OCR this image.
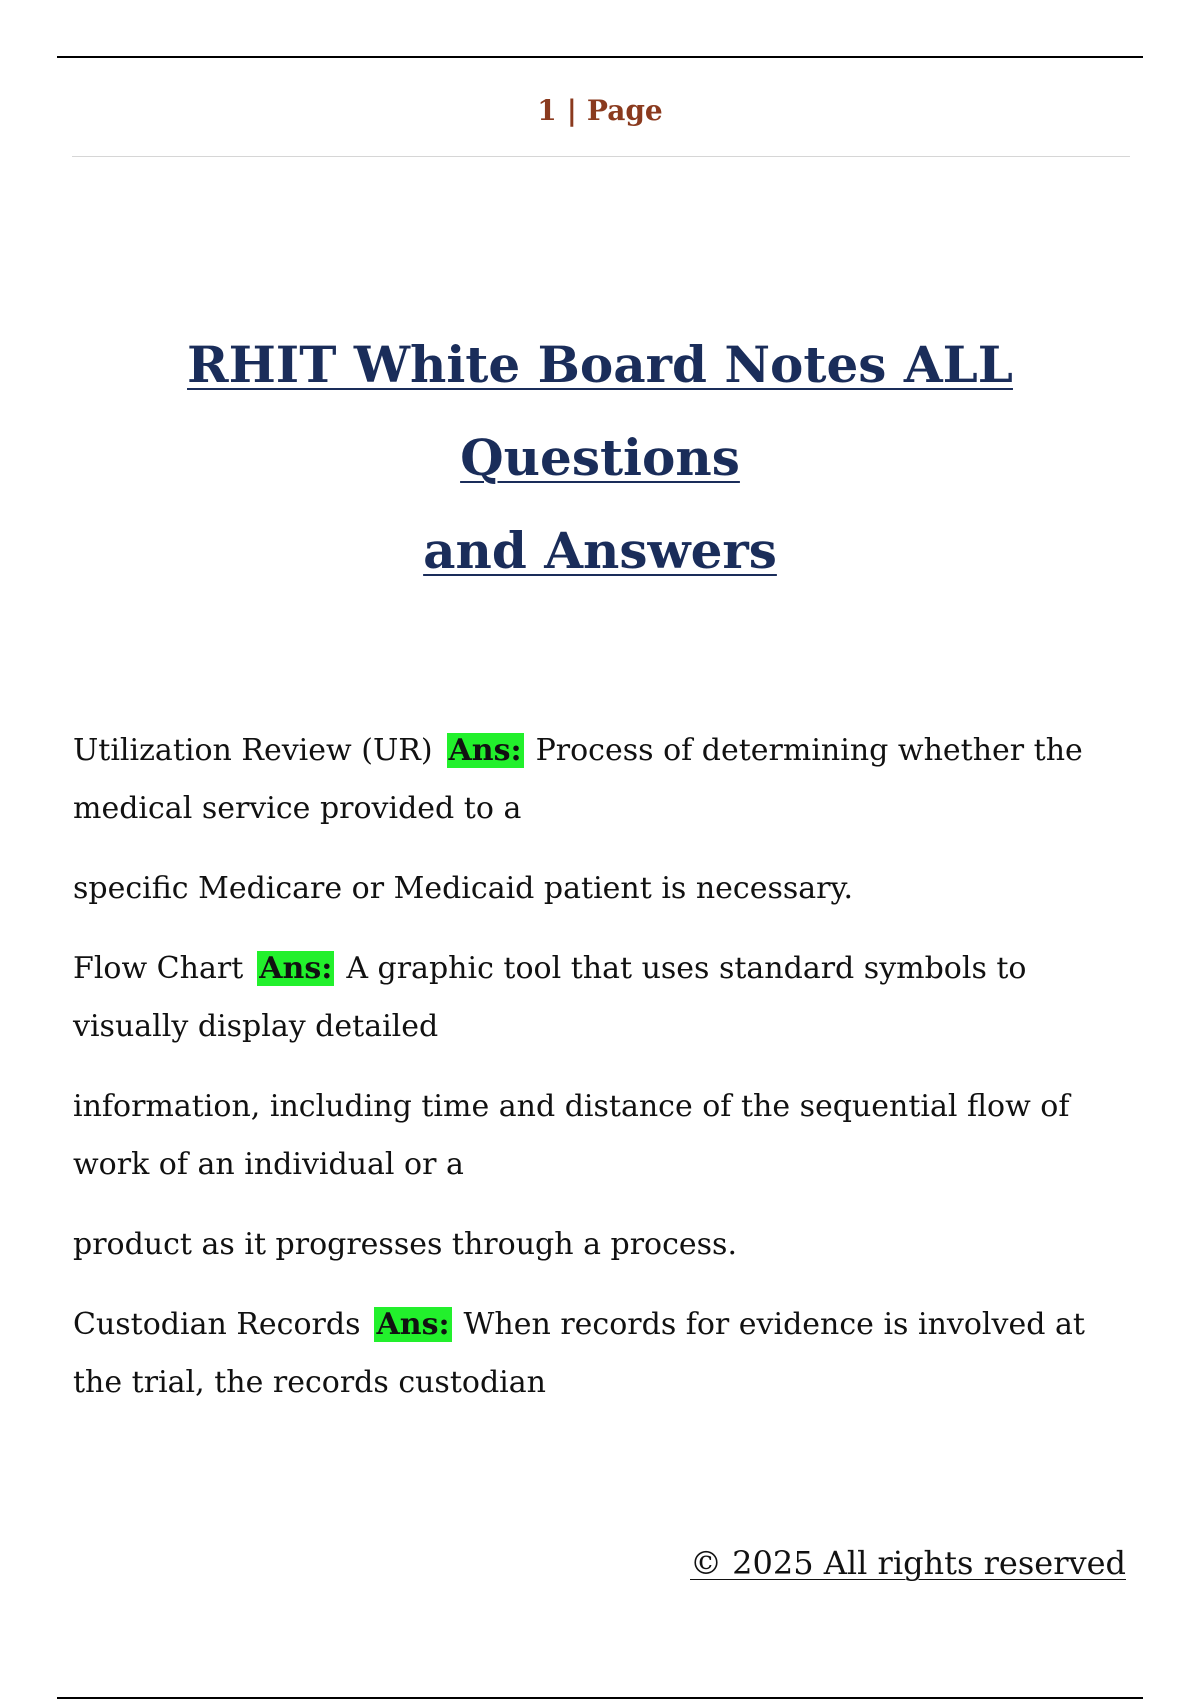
1 | Page
RHIT White Board Notes ALL Questions
and Answers

Utilization Review (UR) Ans: Process of determining whether the medical service provided to a

specific Medicare or Medicaid patient is necessary.

Flow Chart Ans: A graphic tool that uses standard symbols to visually display detailed

information, including time and distance of the sequential flow of work of an individual or a

product as it progresses through a process.

Custodian Records Ans: When records for evidence is involved at the trial, the records custodian

© 2025 All rights reserved
